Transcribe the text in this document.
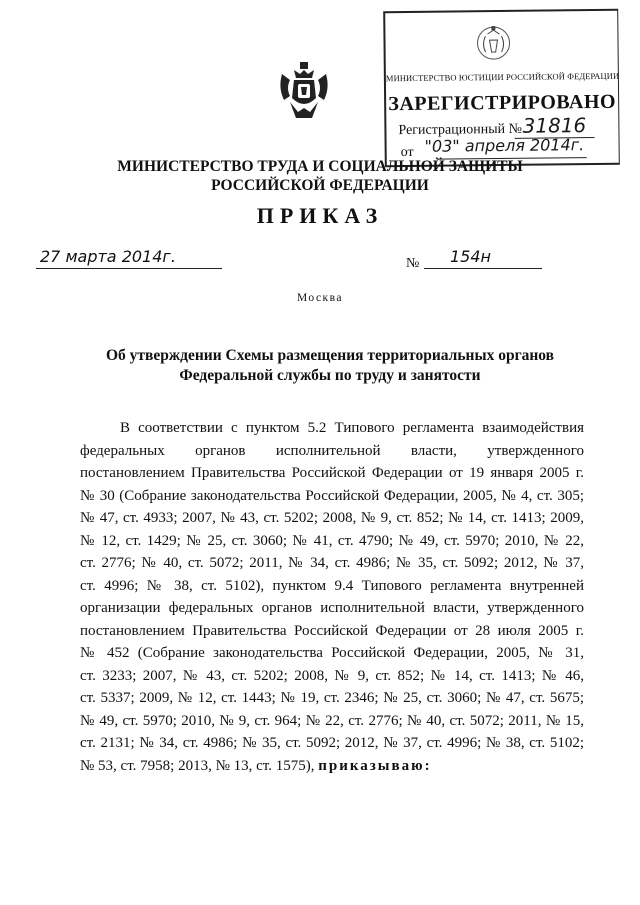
МИНИСТЕРСТВО ЮСТИЦИИ РОССИЙСКОЙ ФЕДЕРАЦИИ
ЗАРЕГИСТРИРОВАНО
Регистрационный № 31816
от "03" апреля 2014г.
МИНИСТЕРСТВО ТРУДА И СОЦИАЛЬНОЙ ЗАЩИТЫ
РОССИЙСКОЙ ФЕДЕРАЦИИ
ПРИКАЗ
27 марта 2014г.	№ 154н
Москва
Об утверждении Схемы размещения территориальных органов
Федеральной службы по труду и занятости
В соответствии с пунктом 5.2 Типового регламента взаимодействия
федеральных органов исполнительной власти, утвержденного
постановлением Правительства Российской Федерации от 19 января 2005 г.
№ 30 (Собрание законодательства Российской Федерации, 2005, № 4, ст. 305;
№ 47, ст. 4933; 2007, № 43, ст. 5202; 2008, № 9, ст. 852; № 14, ст. 1413; 2009,
№ 12, ст. 1429; № 25, ст. 3060; № 41, ст. 4790; № 49, ст. 5970; 2010, № 22,
ст. 2776; № 40, ст. 5072; 2011, № 34, ст. 4986; № 35, ст. 5092; 2012, № 37,
ст. 4996; № 38, ст. 5102), пунктом 9.4 Типового регламента внутренней
организации федеральных органов исполнительной власти, утвержденного
постановлением Правительства Российской Федерации от 28 июля 2005 г.
№ 452 (Собрание законодательства Российской Федерации, 2005, № 31,
ст. 3233; 2007, № 43, ст. 5202; 2008, № 9, ст. 852; № 14, ст. 1413; № 46,
ст. 5337; 2009, № 12, ст. 1443; № 19, ст. 2346; № 25, ст. 3060; № 47, ст. 5675;
№ 49, ст. 5970; 2010, № 9, ст. 964; № 22, ст. 2776; № 40, ст. 5072; 2011, № 15,
ст. 2131; № 34, ст. 4986; № 35, ст. 5092; 2012, № 37, ст. 4996; № 38, ст. 5102;
№ 53, ст. 7958; 2013, № 13, ст. 1575), приказываю:
